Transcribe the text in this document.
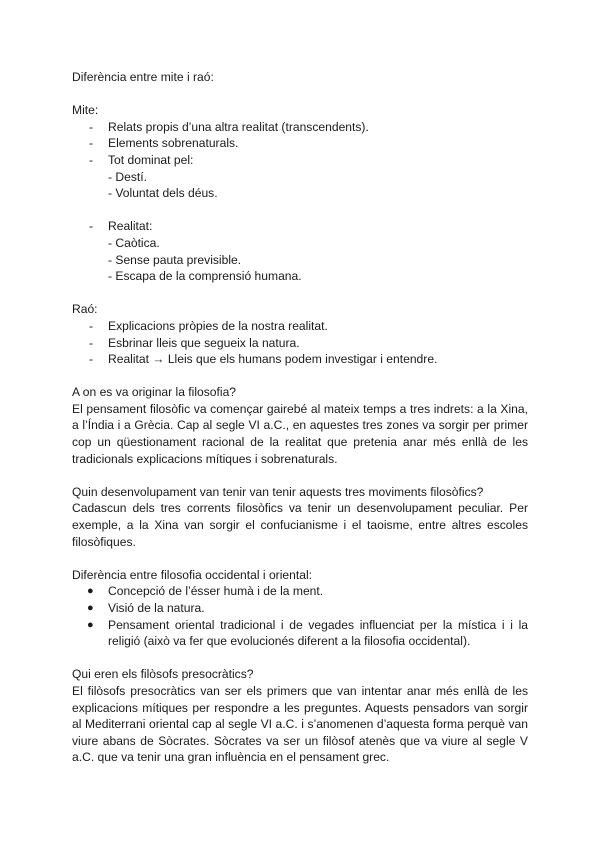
Diferència entre mite i raó:

Mite:

- Relats propis d’una altra realitat (transcendents).
- Elements sobrenaturals.
- Tot dominat pel:
- Destí.
- Voluntat dels déus.
- Realitat:
- Caòtica.
- Sense pauta previsible.
- Escapa de la comprensió humana.

Raó:

- Explicacions pròpies de la nostra realitat.
- Esbrinar lleis que segueix la natura.
- Realitat → Lleis que els humans podem investigar i entendre.

A on es va originar la filosofia?

El pensament filosòfic va començar gairebé al mateix temps a tres indrets: a la Xina, a l’Índia i a Grècia. Cap al segle VI a.C., en aquestes tres zones va sorgir per primer cop un qüestionament racional de la realitat que pretenia anar més enllà de les tradicionals explicacions mítiques i sobrenaturals.

Quin desenvolupament van tenir van tenir aquests tres moviments filosòfics?

Cadascun dels tres corrents filosòfics va tenir un desenvolupament peculiar. Per exemple, a la Xina van sorgir el confucianisme i el taoisme, entre altres escoles filosòfiques.

Diferència entre filosofia occidental i oriental:

● Concepció de l’ésser humà i de la ment.
● Visió de la natura.
● Pensament oriental tradicional i de vegades influenciat per la mística i i la religió (això va fer que evolucionés diferent a la filosofia occidental).

Qui eren els filòsofs presocràtics?

El filòsofs presocràtics van ser els primers que van intentar anar més enllà de les explicacions mítiques per respondre a les preguntes. Aquests pensadors van sorgir al Mediterrani oriental cap al segle VI a.C. i s’anomenen d’aquesta forma perquè van viure abans de Sòcrates. Sòcrates va ser un filòsof atenès que va viure al segle V a.C. que va tenir una gran influència en el pensament grec.
